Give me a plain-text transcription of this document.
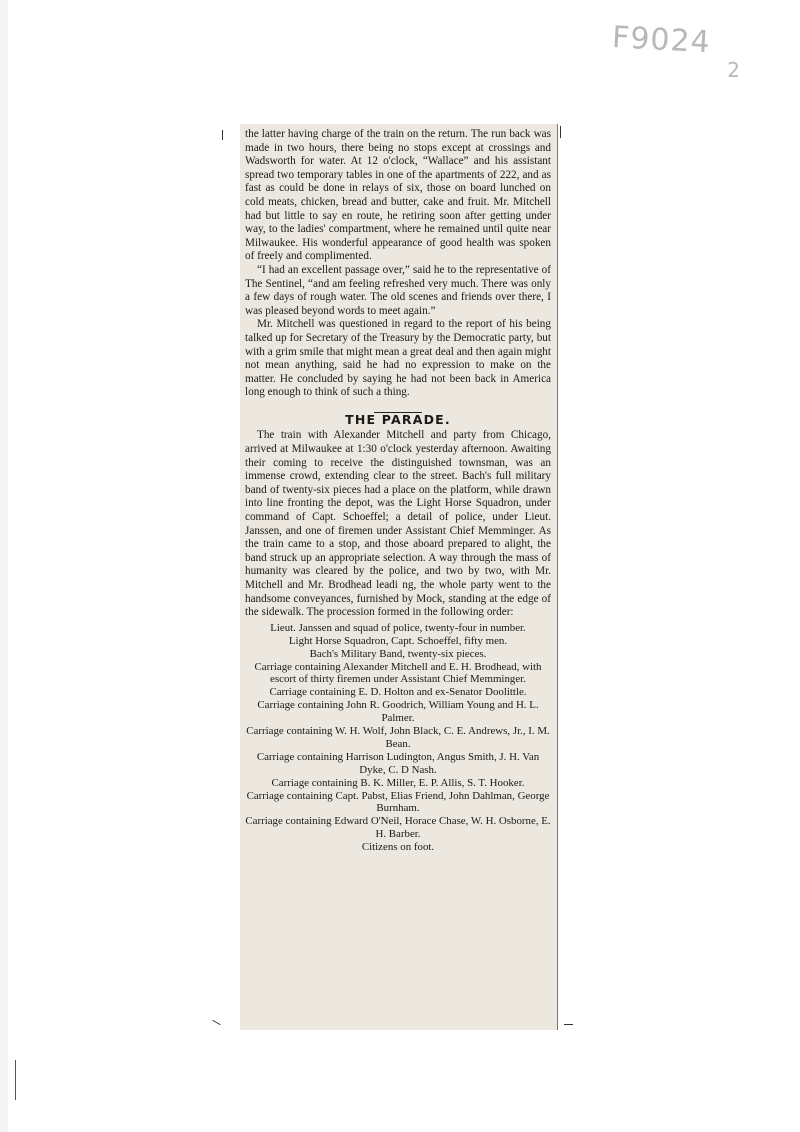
F9024
2

the latter having charge of the train on the return. The run back was made in two hours, there being no stops except at crossings and Wadsworth for water. At 12 o'clock, “Wallace” and his assistant spread two temporary tables in one of the apartments of 222, and as fast as could be done in relays of six, those on board lunched on cold meats, chicken, bread and butter, cake and fruit. Mr. Mitchell had but little to say en route, he retiring soon after getting under way, to the ladies' compartment, where he remained until quite near Milwaukee. His wonderful appearance of good health was spoken of freely and complimented.

“I had an excellent passage over,” said he to the representative of The Sentinel, “and am feeling refreshed very much. There was only a few days of rough water. The old scenes and friends over there, I was pleased beyond words to meet again.”

Mr. Mitchell was questioned in regard to the report of his being talked up for Secretary of the Treasury by the Democratic party, but with a grim smile that might mean a great deal and then again might not mean anything, said he had no expression to make on the matter. He concluded by saying he had not been back in America long enough to think of such a thing.

THE PARADE.

The train with Alexander Mitchell and party from Chicago, arrived at Milwaukee at 1:30 o'clock yesterday afternoon. Awaiting their coming to receive the distinguished townsman, was an immense crowd, extending clear to the street. Bach's full military band of twenty-six pieces had a place on the platform, while drawn into line fronting the depot, was the Light Horse Squadron, under command of Capt. Schoeffel; a detail of police, under Lieut. Janssen, and one of firemen under Assistant Chief Memminger. As the train came to a stop, and those aboard prepared to alight, the band struck up an appropriate selection. A way through the mass of humanity was cleared by the police, and two by two, with Mr. Mitchell and Mr. Brodhead leadi ng, the whole party went to the handsome conveyances, furnished by Mock, standing at the edge of the sidewalk. The procession formed in the following order:

Lieut. Janssen and squad of police, twenty-four in number.
Light Horse Squadron, Capt. Schoeffel, fifty men.
Bach's Military Band, twenty-six pieces.
Carriage containing Alexander Mitchell and E. H. Brodhead, with escort of thirty firemen under Assistant Chief Memminger.
Carriage containing E. D. Holton and ex-Senator Doolittle.
Carriage containing John R. Goodrich, William Young and H. L. Palmer.
Carriage containing W. H. Wolf, John Black, C. E. Andrews, Jr., I. M. Bean.
Carriage containing Harrison Ludington, Angus Smith, J. H. Van Dyke, C. D Nash.
Carriage containing B. K. Miller, E. P. Allis, S. T. Hooker.
Carriage containing Capt. Pabst, Elias Friend, John Dahlman, George Burnham.
Carriage containing Edward O'Neil, Horace Chase, W. H. Osborne, E. H. Barber.
Citizens on foot.
